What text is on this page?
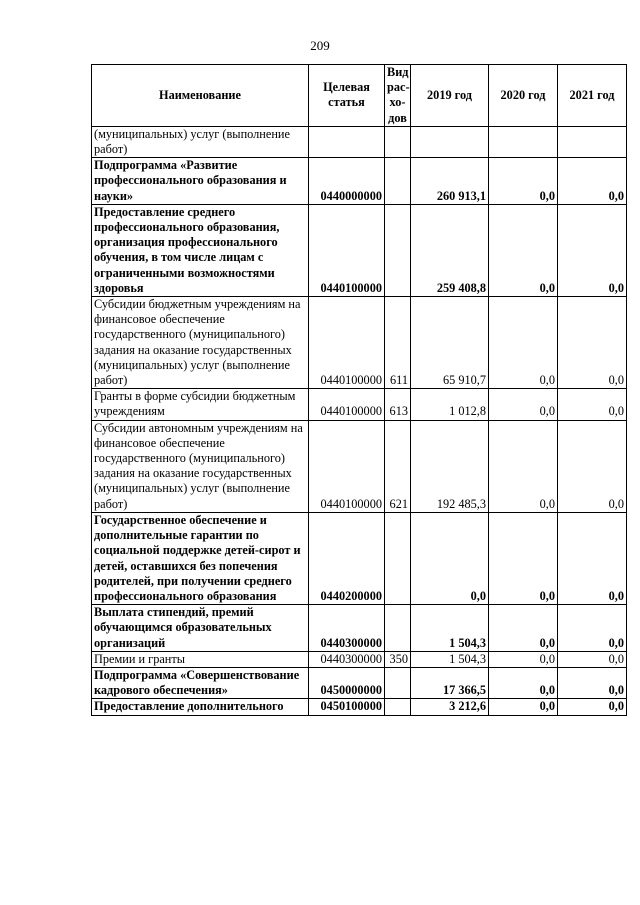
209
Наименование	Целевая статья	Вид рас-хо-дов	2019 год	2020 год	2021 год
(муниципальных) услуг (выполнение работ)					
Подпрограмма «Развитие профессионального образования и науки»	0440000000		260 913,1	0,0	0,0
Предоставление среднего профессионального образования, организация профессионального обучения, в том числе лицам с ограниченными возможностями здоровья	0440100000		259 408,8	0,0	0,0
Субсидии бюджетным учреждениям на финансовое обеспечение государственного (муниципального) задания на оказание государственных (муниципальных) услуг (выполнение работ)	0440100000	611	65 910,7	0,0	0,0
Гранты в форме субсидии бюджетным учреждениям	0440100000	613	1 012,8	0,0	0,0
Субсидии автономным учреждениям на финансовое обеспечение государственного (муниципального) задания на оказание государственных (муниципальных) услуг (выполнение работ)	0440100000	621	192 485,3	0,0	0,0
Государственное обеспечение и дополнительные гарантии по социальной поддержке детей-сирот и детей, оставшихся без попечения родителей, при получении среднего профессионального образования	0440200000		0,0	0,0	0,0
Выплата стипендий, премий обучающимся образовательных организаций	0440300000		1 504,3	0,0	0,0
Премии и гранты	0440300000	350	1 504,3	0,0	0,0
Подпрограмма «Совершенствование кадрового обеспечения»	0450000000		17 366,5	0,0	0,0
Предоставление дополнительного	0450100000		3 212,6	0,0	0,0
